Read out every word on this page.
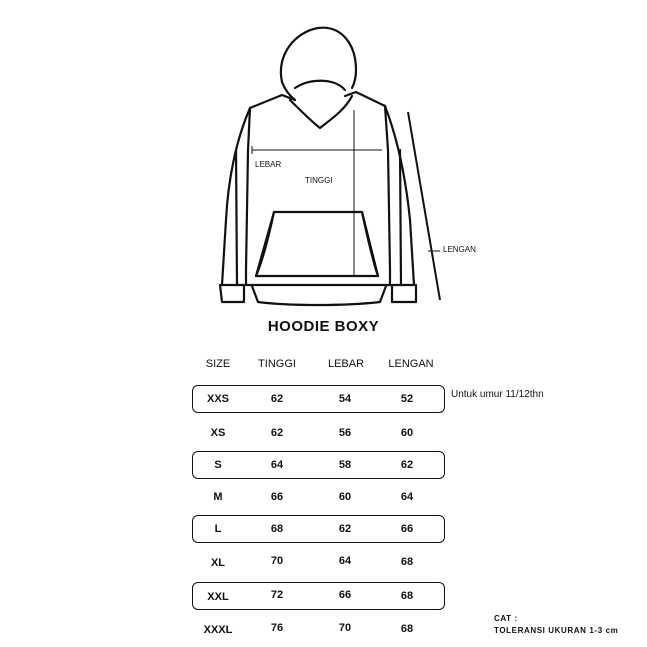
LEBAR
TINGGI
LENGAN
HOODIE BOXY
SIZE	TINGGI	LEBAR	LENGAN
XXS	62	54	52
XS	62	56	60
S	64	58	62
M	66	60	64
L	68	62	66
XL	70	64	68
XXL	72	66	68
XXXL	76	70	68
Untuk umur 11/12thn
CAT :
TOLERANSI UKURAN 1-3 cm
